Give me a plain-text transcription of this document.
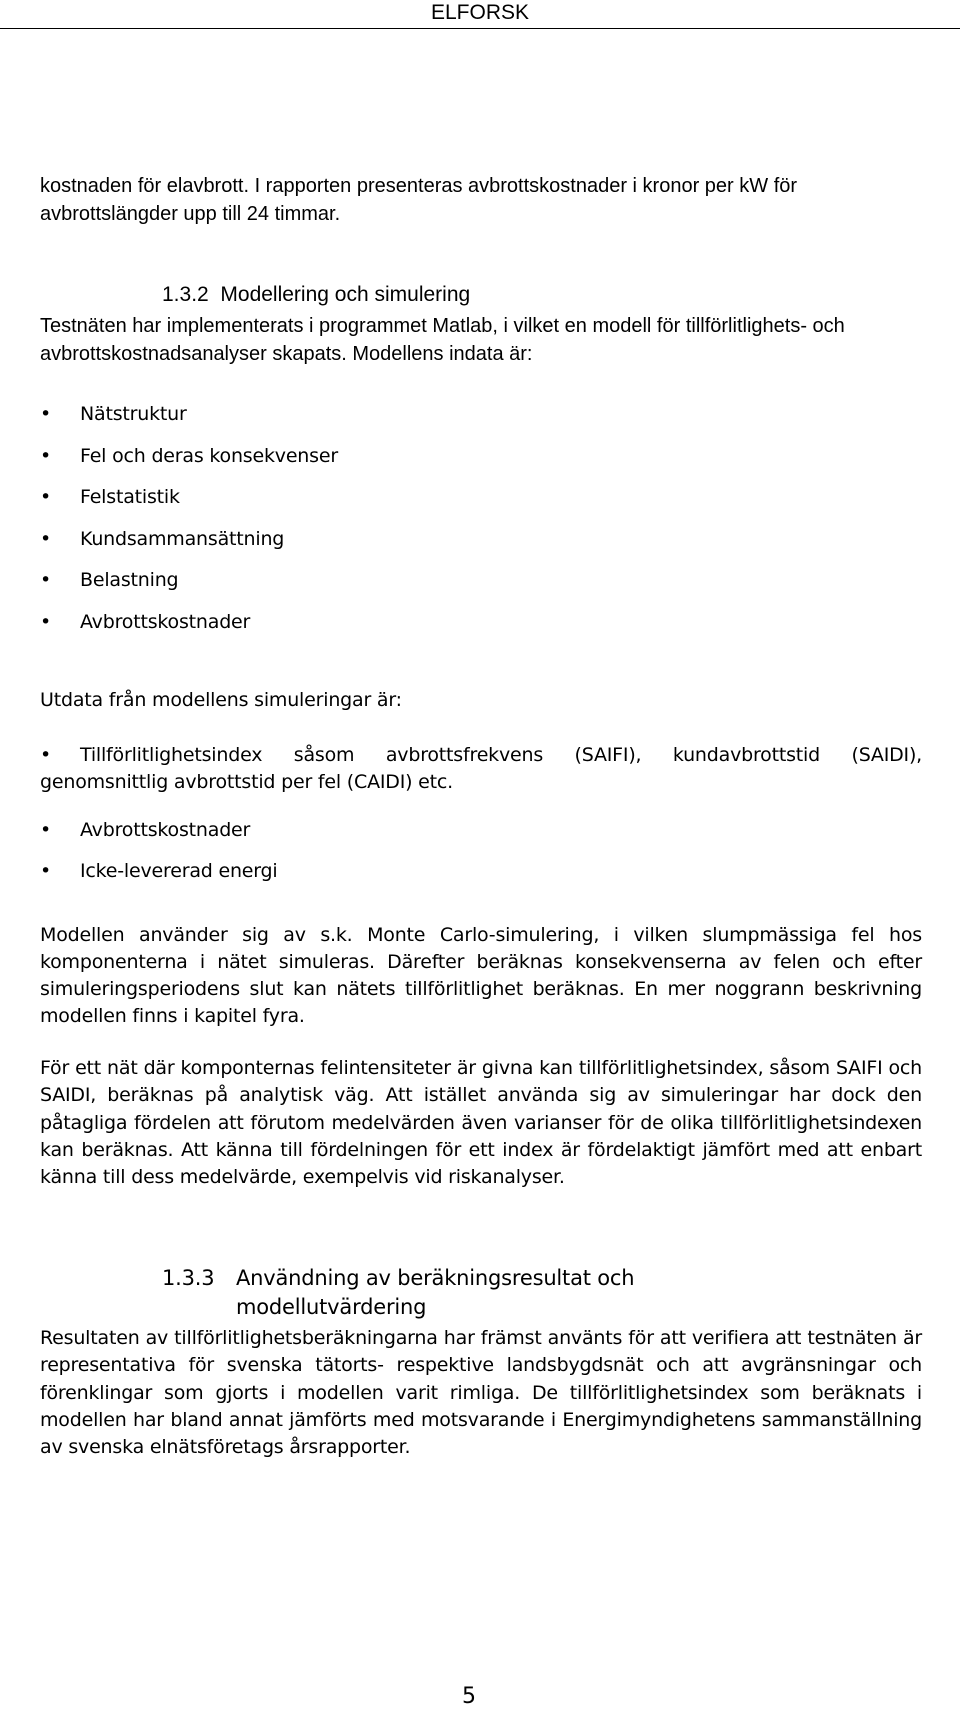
ELFORSK

kostnaden för elavbrott. I rapporten presenteras avbrottskostnader i kronor per kW för avbrottslängder upp till 24 timmar.

1.3.2 Modellering och simulering

Testnäten har implementerats i programmet Matlab, i vilket en modell för tillförlitlighets- och avbrottskostnadsanalyser skapats. Modellens indata är:

• Nätstruktur
• Fel och deras konsekvenser
• Felstatistik
• Kundsammansättning
• Belastning
• Avbrottskostnader

Utdata från modellens simuleringar är:

• Tillförlitlighetsindex såsom avbrottsfrekvens (SAIFI), kundavbrottstid (SAIDI), genomsnittlig avbrottstid per fel (CAIDI) etc.
• Avbrottskostnader
• Icke-levererad energi

Modellen använder sig av s.k. Monte Carlo-simulering, i vilken slumpmässiga fel hos komponenterna i nätet simuleras. Därefter beräknas konsekvenserna av felen och efter simuleringsperiodens slut kan nätets tillförlitlighet beräknas. En mer noggrann beskrivning modellen finns i kapitel fyra.

För ett nät där komponternas felintensiteter är givna kan tillförlitlighetsindex, såsom SAIFI och SAIDI, beräknas på analytisk väg. Att istället använda sig av simuleringar har dock den påtagliga fördelen att förutom medelvärden även varianser för de olika tillförlitlighetsindexen kan beräknas. Att känna till fördelningen för ett index är fördelaktigt jämfört med att enbart känna till dess medelvärde, exempelvis vid riskanalyser.

1.3.3 Användning av beräkningsresultat och
modellutvärdering

Resultaten av tillförlitlighetsberäkningarna har främst använts för att verifiera att testnäten är representativa för svenska tätorts- respektive landsbygdsnät och att avgränsningar och förenklingar som gjorts i modellen varit rimliga. De tillförlitlighetsindex som beräknats i modellen har bland annat jämförts med motsvarande i Energimyndighetens sammanställning av svenska elnätsföretags årsrapporter.

5
